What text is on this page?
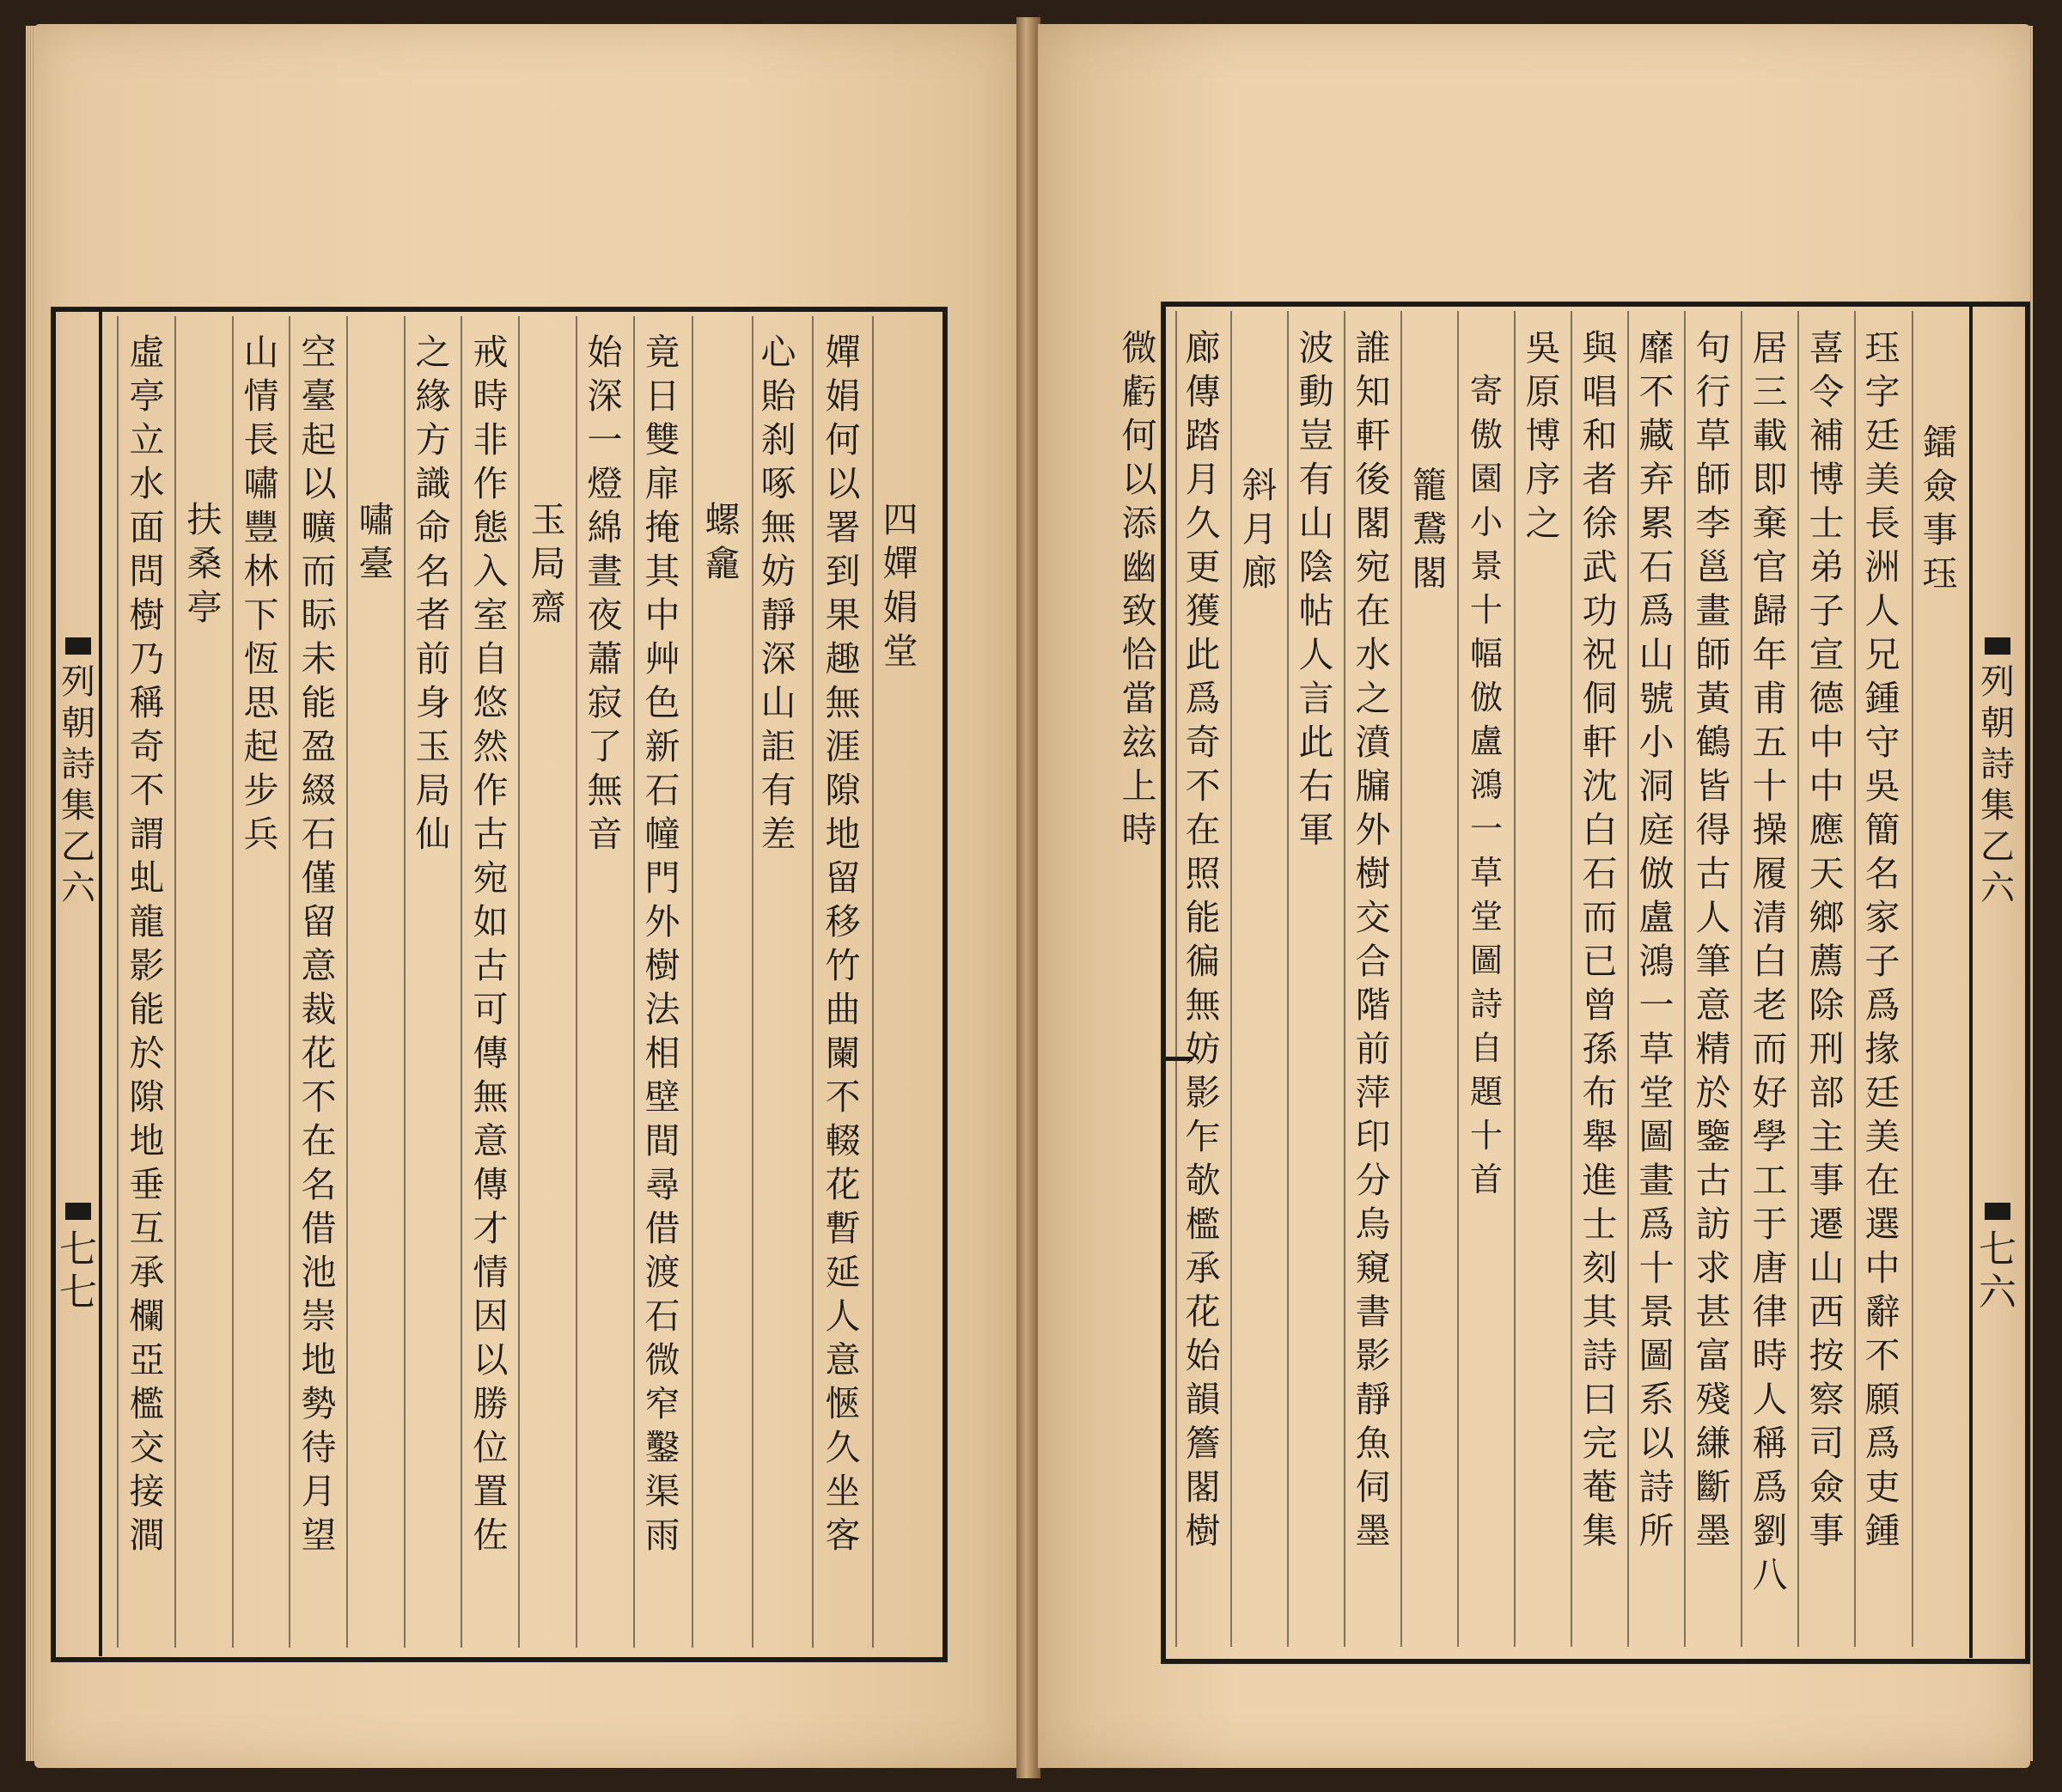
列朝詩集乙六
七七
四嬋娟堂
嬋娟何以署到果趣無涯隙地留移竹曲闌不輟花暫延人意愜久坐客
心貽刹啄無妨靜深山詎有差
螺龕
竟日雙扉掩其中艸色新石幢門外樹法相壁間尋借渡石微窄鑿渠雨
始深一燈綿晝夜蕭寂了無音
玉局齋
戒時非作態入室自悠然作古宛如古可傳無意傳才情因以勝位置佐
之緣方識命名者前身玉局仙
嘯臺
空臺起以曠而眎未能盈綴石僅留意裁花不在名借池崇地勢待月望
山情長嘯豐林下恆思起步兵
扶桑亭
虛亭立水面問樹乃稱奇不謂虬龍影能於隙地垂互承欄亞檻交接澗
列朝詩集乙六
七六
鐳僉事珏
珏字廷美長洲人兄鍾守吳簡名家子爲掾廷美在選中辭不願爲吏鍾
喜令補博士弟子宣德中中應天鄉薦除刑部主事遷山西按察司僉事
居三載即棄官歸年甫五十操履清白老而好學工于唐律時人稱爲劉八
句行草師李邕畫師黃鶴皆得古人筆意精於鑒古訪求甚富殘縑斷墨
靡不藏弃累石爲山號小洞庭倣盧鴻一草堂圖畫爲十景圖系以詩所
與唱和者徐武功祝侗軒沈白石而已曾孫布舉進士刻其詩曰完菴集
吳原博序之
寄傲園小景十幅倣盧鴻一草堂圖詩自題十首
籠鵞閣
誰知軒後閣宛在水之濆牖外樹交合階前萍印分烏窺書影靜魚伺墨
波動豈有山陰帖人言此右軍
斜月廊
廊傳踏月久更獲此爲奇不在照能徧無妨影乍欹檻承花始韻簷閣樹
微虧何以添幽致恰當玆上時
